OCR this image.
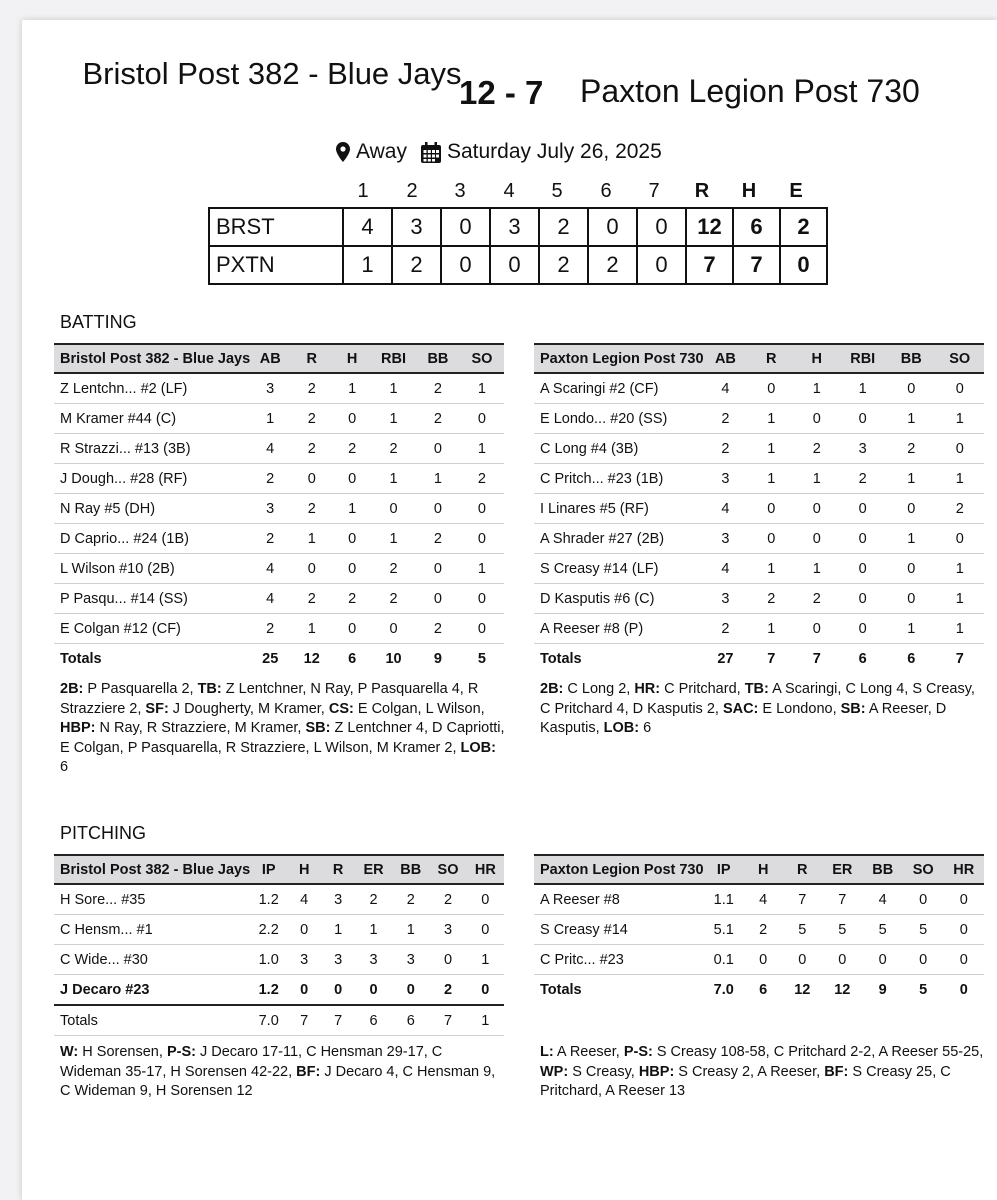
Bristol Post 382 - Blue Jays
12 - 7 Paxton Legion Post 730
Away Saturday July 26, 2025
1	2	3	4	5	6	7	R	H	E
BRST	4	3	0	3	2	0	0	12	6	2
PXTN	1	2	0	0	2	2	0	7	7	0
BATTING
Bristol Post 382 - Blue Jays	AB	R	H	RBI	BB	SO
Z Lentchn... #2 (LF)	3	2	1	1	2	1
M Kramer #44 (C)	1	2	0	1	2	0
R Strazzi... #13 (3B)	4	2	2	2	0	1
J Dough... #28 (RF)	2	0	0	1	1	2
N Ray #5 (DH)	3	2	1	0	0	0
D Caprio... #24 (1B)	2	1	0	1	2	0
L Wilson #10 (2B)	4	0	0	2	0	1
P Pasqu... #14 (SS)	4	2	2	2	0	0
E Colgan #12 (CF)	2	1	0	0	2	0
Totals	25	12	6	10	9	5
Paxton Legion Post 730	AB	R	H	RBI	BB	SO
A Scaringi #2 (CF)	4	0	1	1	0	0
E Londo... #20 (SS)	2	1	0	0	1	1
C Long #4 (3B)	2	1	2	3	2	0
C Pritch... #23 (1B)	3	1	1	2	1	1
I Linares #5 (RF)	4	0	0	0	0	2
A Shrader #27 (2B)	3	0	0	0	1	0
S Creasy #14 (LF)	4	1	1	0	0	1
D Kasputis #6 (C)	3	2	2	0	0	1
A Reeser #8 (P)	2	1	0	0	1	1
Totals	27	7	7	6	6	7
2B: P Pasquarella 2, TB: Z Lentchner, N Ray, P Pasquarella 4, R Strazziere 2, SF: J Dougherty, M Kramer, CS: E Colgan, L Wilson, HBP: N Ray, R Strazziere, M Kramer, SB: Z Lentchner 4, D Capriotti, E Colgan, P Pasquarella, R Strazziere, L Wilson, M Kramer 2, LOB: 6
2B: C Long 2, HR: C Pritchard, TB: A Scaringi, C Long 4, S Creasy, C Pritchard 4, D Kasputis 2, SAC: E Londono, SB: A Reeser, D Kasputis, LOB: 6
PITCHING
Bristol Post 382 - Blue Jays	IP	H	R	ER	BB	SO	HR
H Sore... #35	1.2	4	3	2	2	2	0
C Hensm... #1	2.2	0	1	1	1	3	0
C Wide... #30	1.0	3	3	3	3	0	1
J Decaro #23	1.2	0	0	0	0	2	0
Totals	7.0	7	7	6	6	7	1
Paxton Legion Post 730	IP	H	R	ER	BB	SO	HR
A Reeser #8	1.1	4	7	7	4	0	0
S Creasy #14	5.1	2	5	5	5	5	0
C Pritc... #23	0.1	0	0	0	0	0	0
Totals	7.0	6	12	12	9	5	0
W: H Sorensen, P-S: J Decaro 17-11, C Hensman 29-17, C Wideman 35-17, H Sorensen 42-22, BF: J Decaro 4, C Hensman 9, C Wideman 9, H Sorensen 12
L: A Reeser, P-S: S Creasy 108-58, C Pritchard 2-2, A Reeser 55-25, WP: S Creasy, HBP: S Creasy 2, A Reeser, BF: S Creasy 25, C Pritchard, A Reeser 13
